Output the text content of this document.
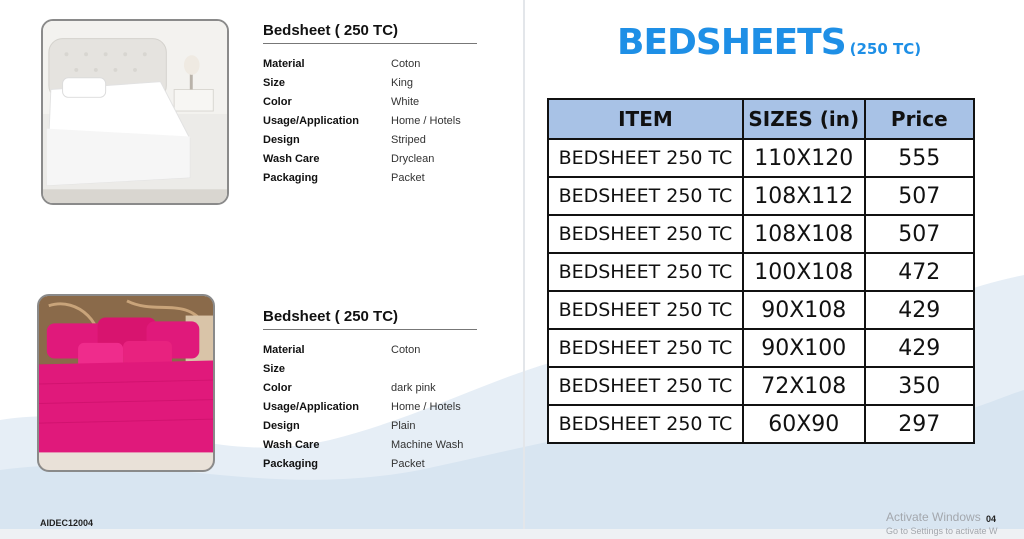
Bedsheet ( 250 TC)
Material	Coton
Size	King
Color	White
Usage/Application	Home / Hotels
Design	Striped
Wash Care	Dryclean
Packaging	Packet
Bedsheet ( 250 TC)
Material	Coton
Size
Color	dark pink
Usage/Application	Home / Hotels
Design	Plain
Wash Care	Machine Wash
Packaging	Packet
BEDSHEETS (250 TC)
ITEM	SIZES (in)	Price
BEDSHEET 250 TC	110X120	555
BEDSHEET 250 TC	108X112	507
BEDSHEET 250 TC	108X108	507
BEDSHEET 250 TC	100X108	472
BEDSHEET 250 TC	90X108	429
BEDSHEET 250 TC	90X100	429
BEDSHEET 250 TC	72X108	350
BEDSHEET 250 TC	60X90	297
AIDEC12004	Activate Windows
Go to Settings to activate W
04
